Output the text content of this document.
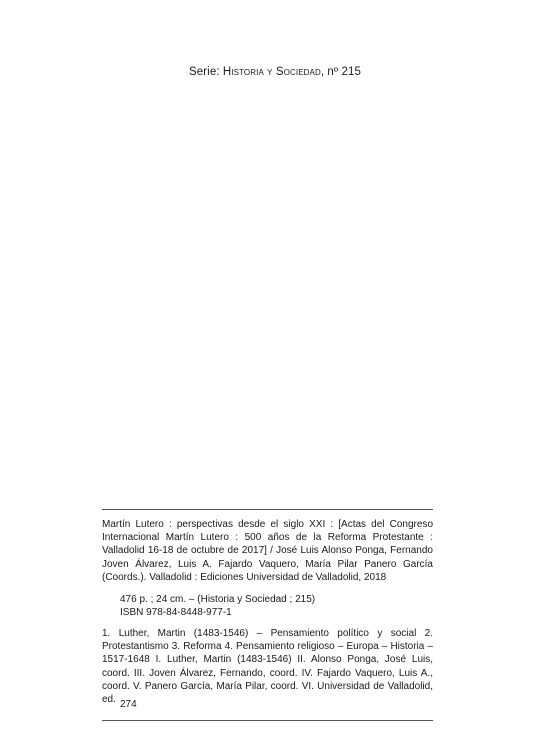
Serie: Historia y Sociedad, nº 215

Martín Lutero : perspectivas desde el siglo XXI : [Actas del Congreso Internacional Martín Lutero : 500 años de la Reforma Protestante : Valladolid 16-18 de octubre de 2017] / José Luis Alonso Ponga, Fernando Joven Álvarez, Luis A. Fajardo Vaquero, María Pilar Panero García (Coords.). Valladolid : Ediciones Universidad de Valladolid, 2018

476 p. ; 24 cm. – (Historia y Sociedad ; 215)

ISBN 978-84-8448-977-1

1. Luther, Martin (1483-1546) – Pensamiento político y social 2. Protestantismo 3. Reforma 4. Pensamiento religioso – Europa – Historia – 1517-1648 I. Luther, Martin (1483-1546) II. Alonso Ponga, José Luis, coord. III. Joven Álvarez, Fernando, coord. IV. Fajardo Vaquero, Luis A., coord. V. Panero García, María Pilar, coord. VI. Universidad de Valladolid, ed. 274
